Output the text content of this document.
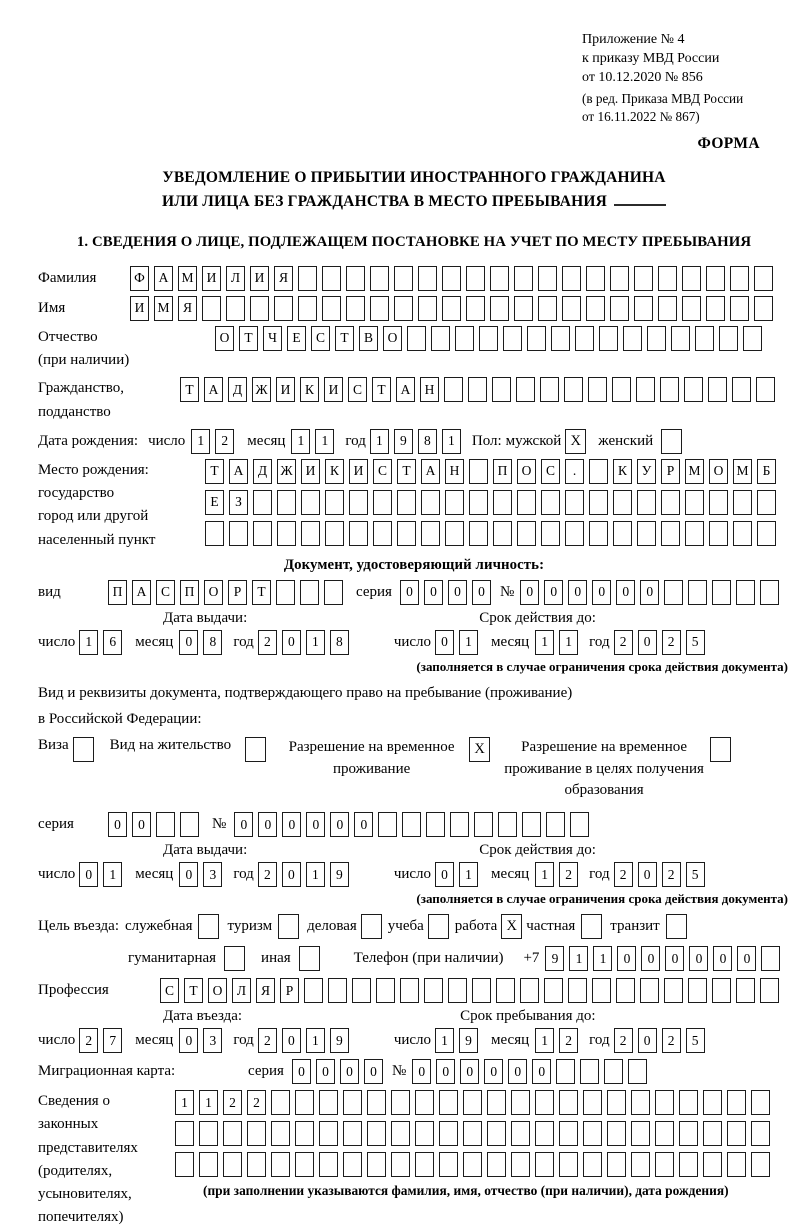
Приложение № 4
к приказу МВД России
от 10.12.2020 № 856
(в ред. Приказа МВД России
от 16.11.2022 № 867)
ФОРМА
УВЕДОМЛЕНИЕ О ПРИБЫТИИ ИНОСТРАННОГО ГРАЖДАНИНА
ИЛИ ЛИЦА БЕЗ ГРАЖДАНСТВА В МЕСТО ПРЕБЫВАНИЯ
1. СВЕДЕНИЯ О ЛИЦЕ, ПОДЛЕЖАЩЕМ ПОСТАНОВКЕ НА УЧЕТ ПО МЕСТУ ПРЕБЫВАНИЯ
Фамилия	Ф	А М И	Л	И	Я
Имя	И М Я
Отчество
(при наличии)
О	Т	Ч	Е	С	Т	В	О
Гражданство,
подданство
Т	А	Д Ж И	К	И	С	Т	А	Н
Дата рождения: число 1	2	месяц 1	1	год 1	9	8	1	Пол: мужской X	женский
Место рождения:
государство
город или другой
населенный пункт
Т	А	Д Ж И	К	И	С	Т	А	Н	П	О	С	.	К	У	Р	М О М	Б
Е	З
Документ, удостоверяющий личность:
вид	П	А	С	П	О	Р	Т	серия	0	0	0	0	№ 0	0	0	0	0	0
Дата выдачи:	Срок действия до:
число 1	6	месяц 0	8	год 2	0	1	8	число 0	1	месяц 1	1	год 2	0	2	5
(заполняется в случае ограничения срока действия документа)
Вид и реквизиты документа, подтверждающего право на пребывание (проживание)
в Российской Федерации:
Виза	Вид на жительство	Разрешение на временное проживание
X	Разрешение на временное проживание в целях получения образования
серия	0	0	№	0	0	0	0	0	0
Дата выдачи:	Срок действия до:
число 0	1	месяц 0	3	год 2	0	1	9	число 0	1	месяц 1	2	год 2	0	2	5
(заполняется в случае ограничения срока действия документа)
Цель въезда: служебная туризм деловая учеба работа X частная транзит
гуманитарная	иная	Телефон (при наличии) +7 9	1	1	0	0	0	0	0	0
Профессия	С	Т	О	Л	Я	Р
Дата въезда:	Срок пребывания до:
число 2	7	месяц 0	3	год 2	0	1	9	число 1	9	месяц 1	2	год 2	0	2	5
Миграционная карта:	серия	0	0	0	0	№ 0	0	0	0	0	0
Сведения о
законных
представителях
(родителях,
усыновителях,
попечителях)
1	1	2	2
(при заполнении указываются фамилия, имя, отчество (при наличии), дата рождения)
